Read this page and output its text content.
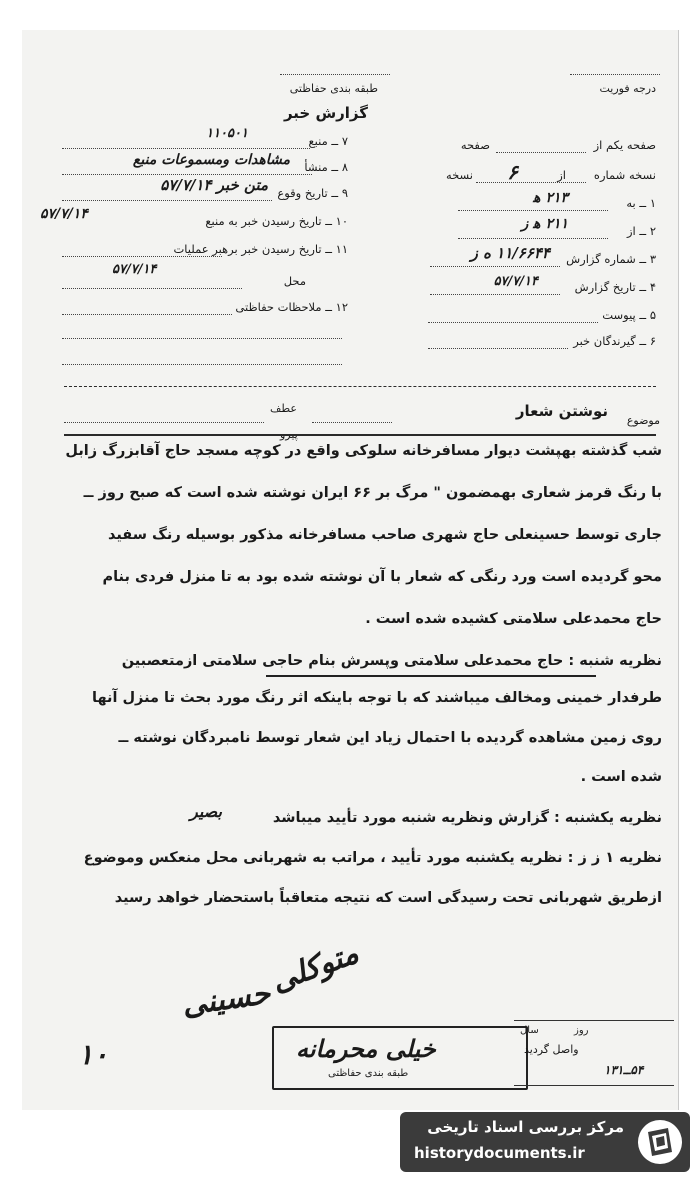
درجه فوریت
طبقه بندی حفاظتی
گزارش خبر
صفحه یکم از
صفحه
نسخه شماره
از
۶
نسخه
۱ ــ به
۲۱۳ ه‍
۲ ــ از
۲۱۱ ه‍ ز
۳ ــ شماره گزارش
۱۱/۶۶۴۴ ه ز
۴ ــ تاریخ گزارش
۵۷/۷/۱۴
۵ ــ پیوست
۶ ــ گیرندگان خبر
۷ ــ منبع
۱۱۰۵۰۱
۸ ــ منشأ
مشاهدات ومسموعات منبع
۹ ــ تاریخ وقوع
متن خبر ۵۷/۷/۱۴
۱۰ ــ تاریخ رسیدن خبر به منبع
۵۷/۷/۱۴
۱۱ ــ تاریخ رسیدن خبر برهبر عملیات
۵۷/۷/۱۴
محل
۱۲ ــ ملاحظات حفاظتی
عطف
پیرو
موضوع
نوشتن شعار
شب گذشته بهپشت دیوار مسافرخانه سلوکی واقع در کوچه مسجد حاج آقابزرگ زابل
با رنگ قرمز شعاری بهمضمون " مرگ بر ۶۶ ایران نوشته شده است که صبح روز ــ
جاری توسط حسینعلی حاج شهری صاحب مسافرخانه مذکور بوسیله رنگ سفید
محو گردیده است ورد رنگی که شعار با آن نوشته شده بود به تا منزل فردی بنام
حاج محمدعلی سلامتی کشیده شده است .
نظریه شنبه : حاج محمدعلی سلامتی وپسرش بنام حاجی سلامتی ازمتعصبین
طرفدار خمینی ومخالف میباشند که با توجه باینکه اثر رنگ مورد بحث تا منزل آنها
روی زمین مشاهده گردیده با احتمال زیاد این شعار توسط نامبردگان نوشته ــ
شده است .
نظریه یکشنبه : گزارش ونظریه شنبه مورد تأیید میباشد
بصیر
نظریه ۱ ز ز : نظریه یکشنبه مورد تأیید ، مراتب به شهربانی محل منعکس وموضوع
ازطریق شهربانی تحت رسیدگی است که نتیجه متعاقباً باستحضار خواهد رسید
متوکلی
حسینی
۱۰	خیلی محرمانه
طبقه بندی حفاظتی
روز
سال
واصل گردید
۵۴ــ۱۳۱
مرکز بررسی اسناد تاریخی
historydocuments.ir
